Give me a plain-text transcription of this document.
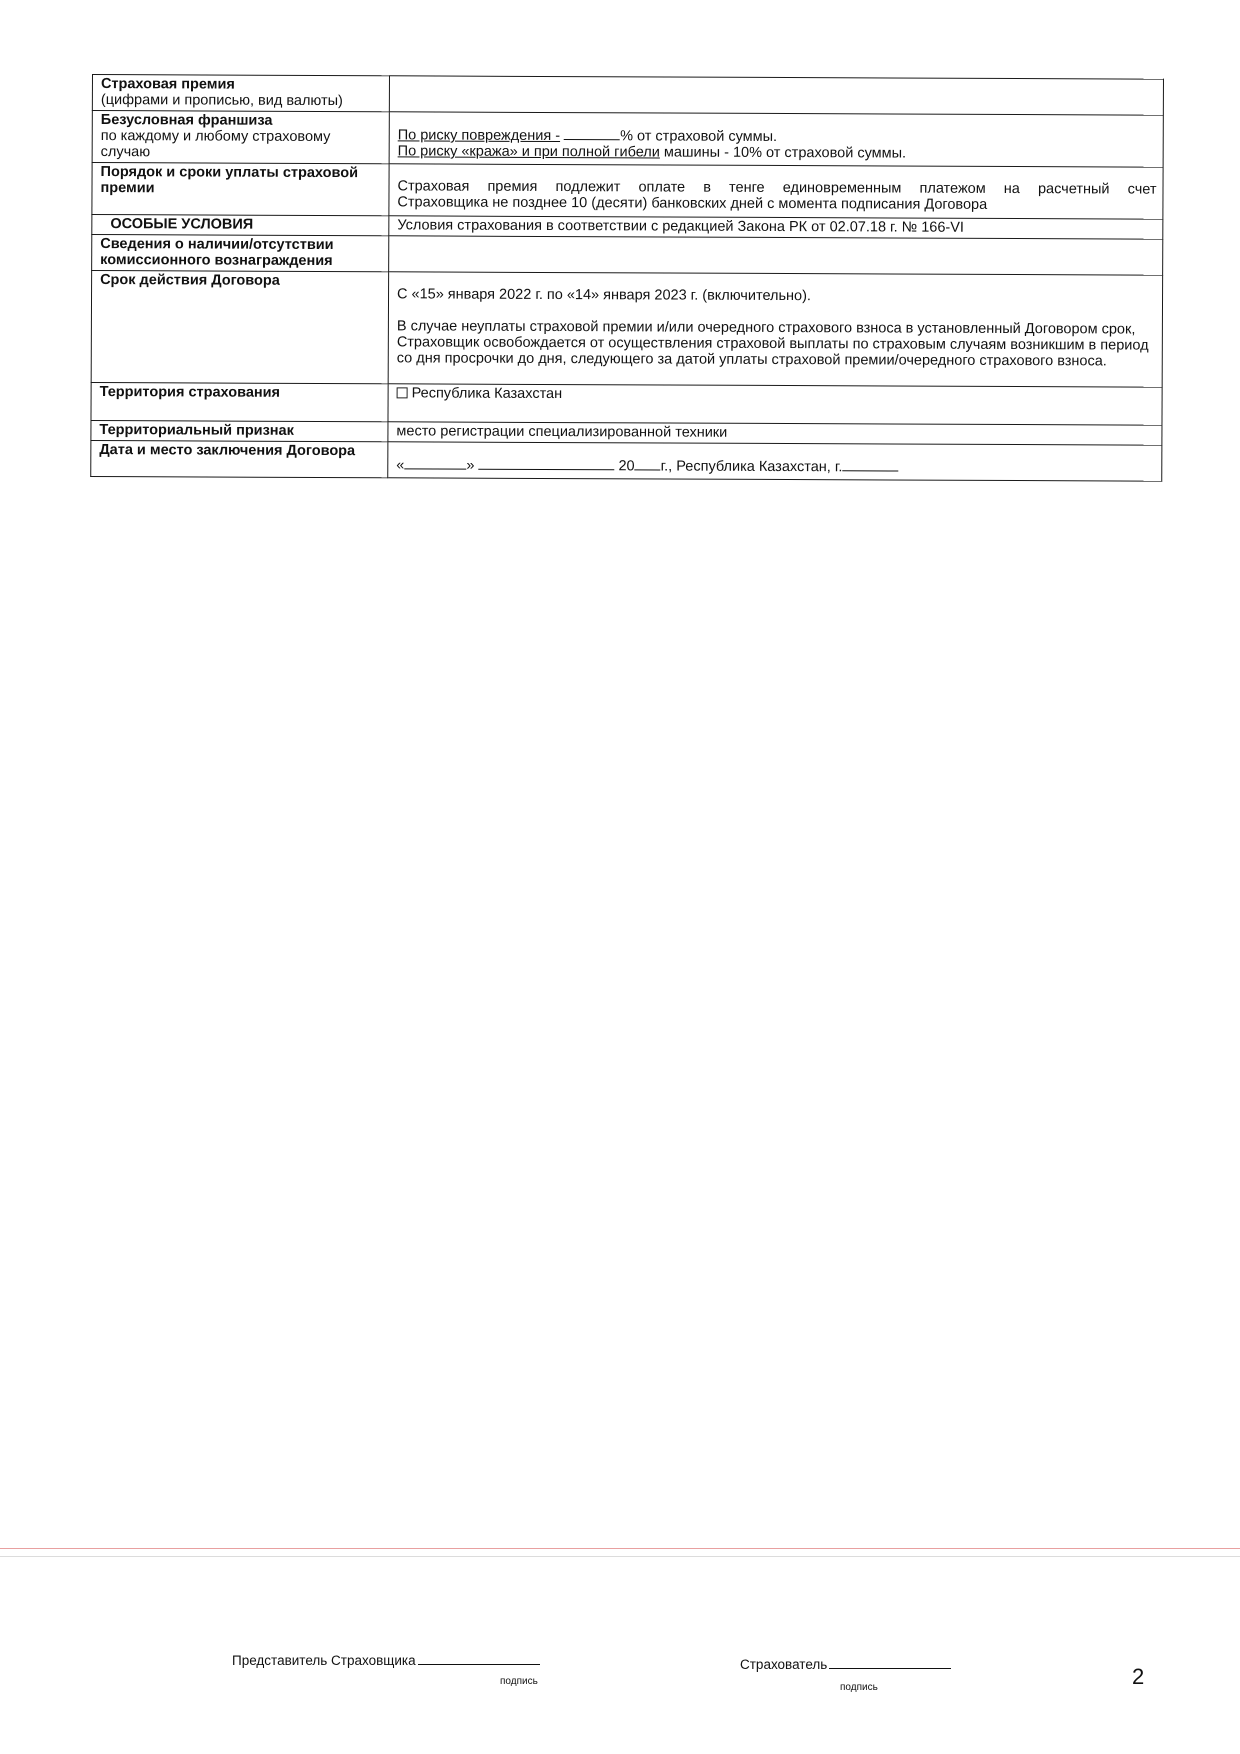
Страховая премия
(цифрами и прописью, вид валюты)	

Безусловная франшиза
по каждому и любому страховому случаю	По риску повреждения - % от страховой суммы.
По риску «кража» и при полной гибели машины - 10% от страховой суммы.

Порядок и сроки уплаты страховой премии	Страховая премия подлежит оплате в тенге единовременным платежом на расчетный счет
Страховщика не позднее 10 (десяти) банковских дней с момента подписания Договора

ОСОБЫЕ УСЛОВИЯ	Условия страхования в соответствии с редакцией Закона РК от 02.07.18 г. № 166-VI

Сведения о наличии/отсутствии комиссионного вознаграждения	

Срок действия Договора	С «15» января 2022 г. по «14» января 2023 г. (включительно).
В случае неуплаты страховой премии и/или очередного страхового взноса в установленный Договором срок, Страховщик освобождается от осуществления страховой выплаты по страховым случаям возникшим в период со дня просрочки до дня, следующего за датой уплаты страховой премии/очередного страхового взноса.

Территория страхования	Республика Казахстан

Территориальный признак	место регистрации специализированной техники

Дата и место заключения Договора	« » 20 г., Республика Казахстан, г.
Представитель Страховщика
подпись
Страхователь
подпись	2
